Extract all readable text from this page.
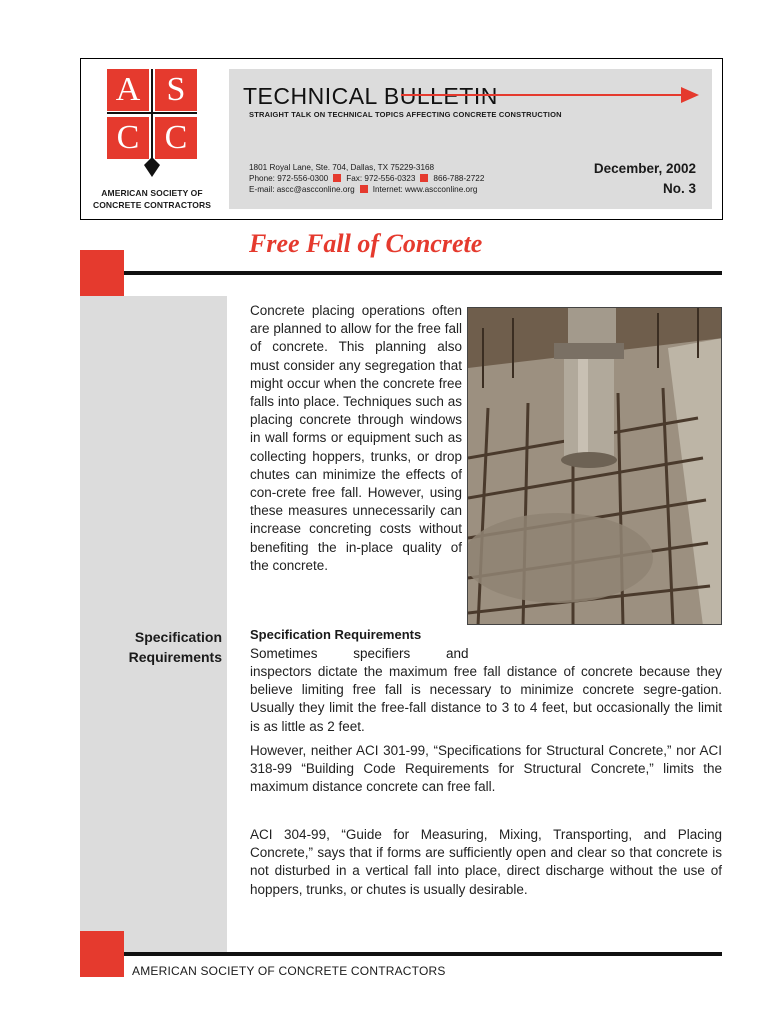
A S
C C
AMERICAN SOCIETY OF
CONCRETE CONTRACTORS
TECHNICAL BULLETIN
STRAIGHT TALK ON TECHNICAL TOPICS AFFECTING CONCRETE CONSTRUCTION
1801 Royal Lane, Ste. 704, Dallas, TX 75229-3168
Phone: 972-556-0300 Fax: 972-556-0323 866-788-2722
E-mail: ascc@ascconline.org Internet: www.ascconline.org
December, 2002
No. 3
Free Fall of Concrete
Specification
Requirements
Concrete placing operations often are planned to allow for the free fall of concrete. This planning also must consider any segregation that might occur when the concrete free falls into place. Techniques such as placing concrete through windows in wall forms or equipment such as collecting hoppers, trunks, or drop chutes can minimize the effects of con-crete free fall. However, using these measures unnecessarily can increase concreting costs without benefiting the in-place quality of the concrete.
Specification Requirements
Sometimes specifiers and
inspectors dictate the maximum free fall distance of concrete because they believe limiting free fall is necessary to minimize concrete segre-gation. Usually they limit the free-fall distance to 3 to 4 feet, but occasionally the limit is as little as 2 feet.
However, neither ACI 301-99, “Specifications for Structural Concrete,” nor ACI 318-99 “Building Code Requirements for Structural Concrete,” limits the maximum distance concrete can free fall.
ACI 304-99, “Guide for Measuring, Mixing, Transporting, and Placing Concrete,” says that if forms are sufficiently open and clear so that concrete is not disturbed in a vertical fall into place, direct discharge without the use of hoppers, trunks, or chutes is usually desirable.
AMERICAN SOCIETY OF CONCRETE CONTRACTORS
